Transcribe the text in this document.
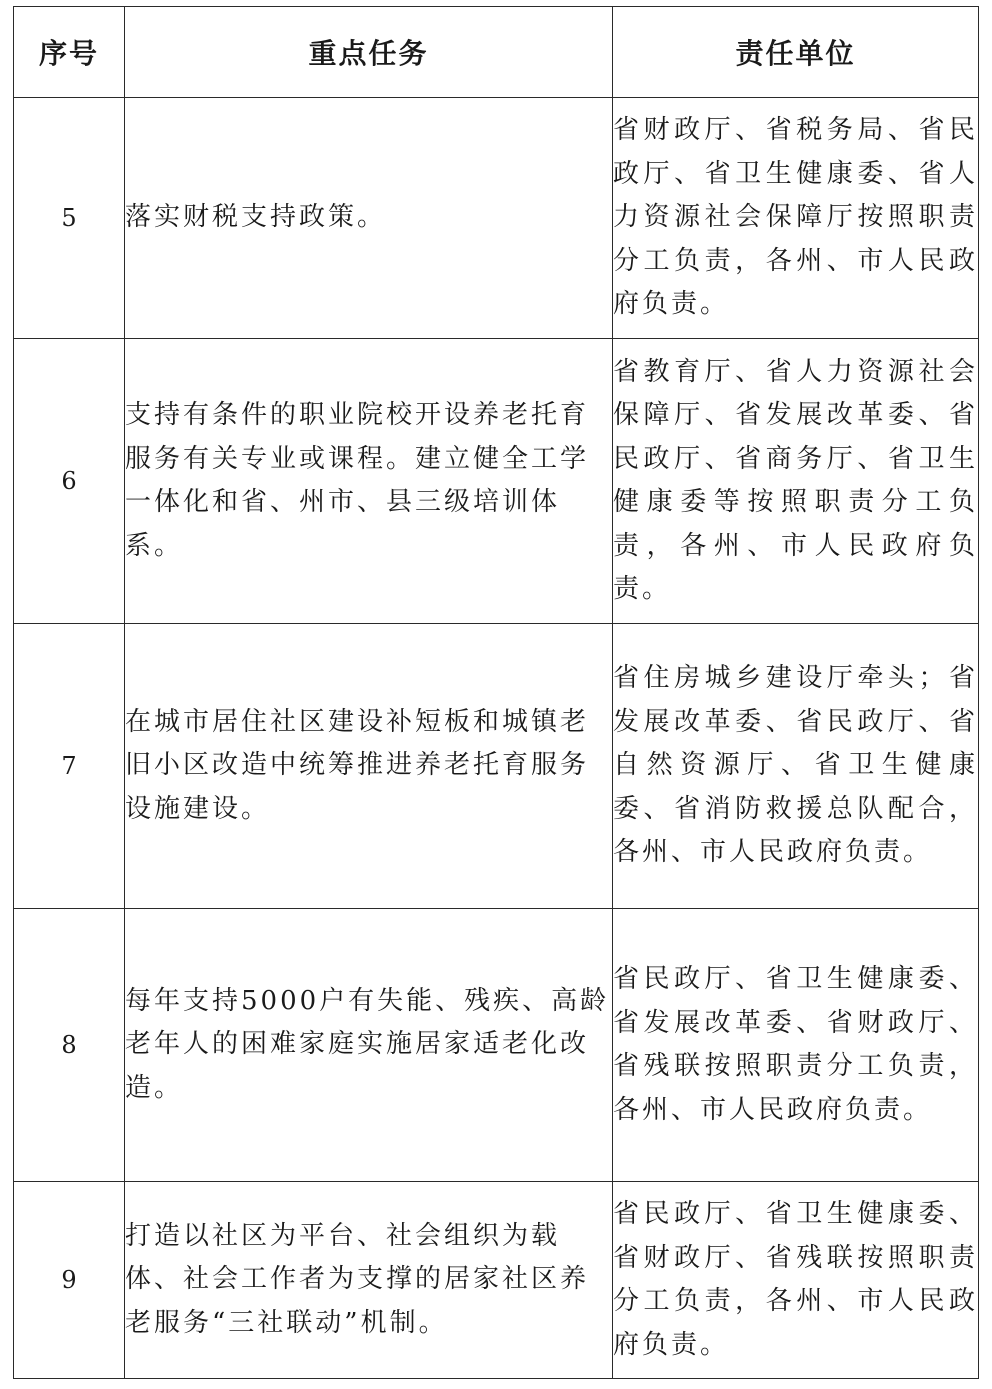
序号	重点任务	责任单位
5	落实财税支持政策。	省财政厅、省税务局、省民政厅、省卫生健康委、省人力资源社会保障厅按照职责分工负责，各州、市人民政府负责。
6	支持有条件的职业院校开设养老托育服务有关专业或课程。建立健全工学一体化和省、州市、县三级培训体系。	省教育厅、省人力资源社会保障厅、省发展改革委、省民政厅、省商务厅、省卫生健康委等按照职责分工负责，各州、市人民政府负责。
7	在城市居住社区建设补短板和城镇老旧小区改造中统筹推进养老托育服务设施建设。	省住房城乡建设厅牵头；省发展改革委、省民政厅、省自然资源厅、省卫生健康委、省消防救援总队配合，各州、市人民政府负责。
8	每年支持5000户有失能、残疾、高龄老年人的困难家庭实施居家适老化改造。	省民政厅、省卫生健康委、省发展改革委、省财政厅、省残联按照职责分工负责，各州、市人民政府负责。
9	打造以社区为平台、社会组织为载体、社会工作者为支撑的居家社区养老服务“三社联动”机制。	省民政厅、省卫生健康委、省财政厅、省残联按照职责分工负责，各州、市人民政府负责。
